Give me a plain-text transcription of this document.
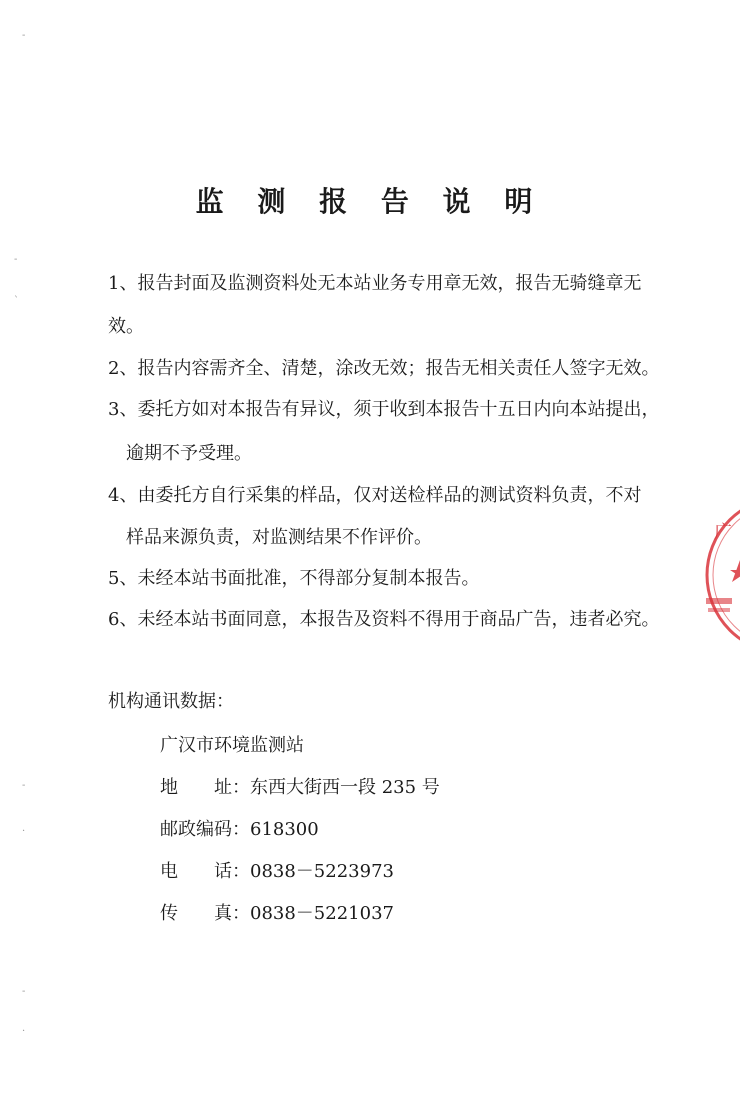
监 测 报 告 说 明
1、报告封面及监测资料处无本站业务专用章无效，报告无骑缝章无
效。
2、报告内容需齐全、清楚，涂改无效；报告无相关责任人签字无效。
3、委托方如对本报告有异议，须于收到本报告十五日内向本站提出，
逾期不予受理。
4、由委托方自行采集的样品，仅对送检样品的测试资料负责，不对
样品来源负责，对监测结果不作评价。
5、未经本站书面批准，不得部分复制本报告。
6、未经本站书面同意，本报告及资料不得用于商品广告，违者必究。
机构通讯数据：
广汉市环境监测站
地　　址：东西大街西一段 235 号
邮政编码：618300
电　　话：0838－5223973
传　　真：0838－5221037
广
-
-
ˋ
-
·
-
·
